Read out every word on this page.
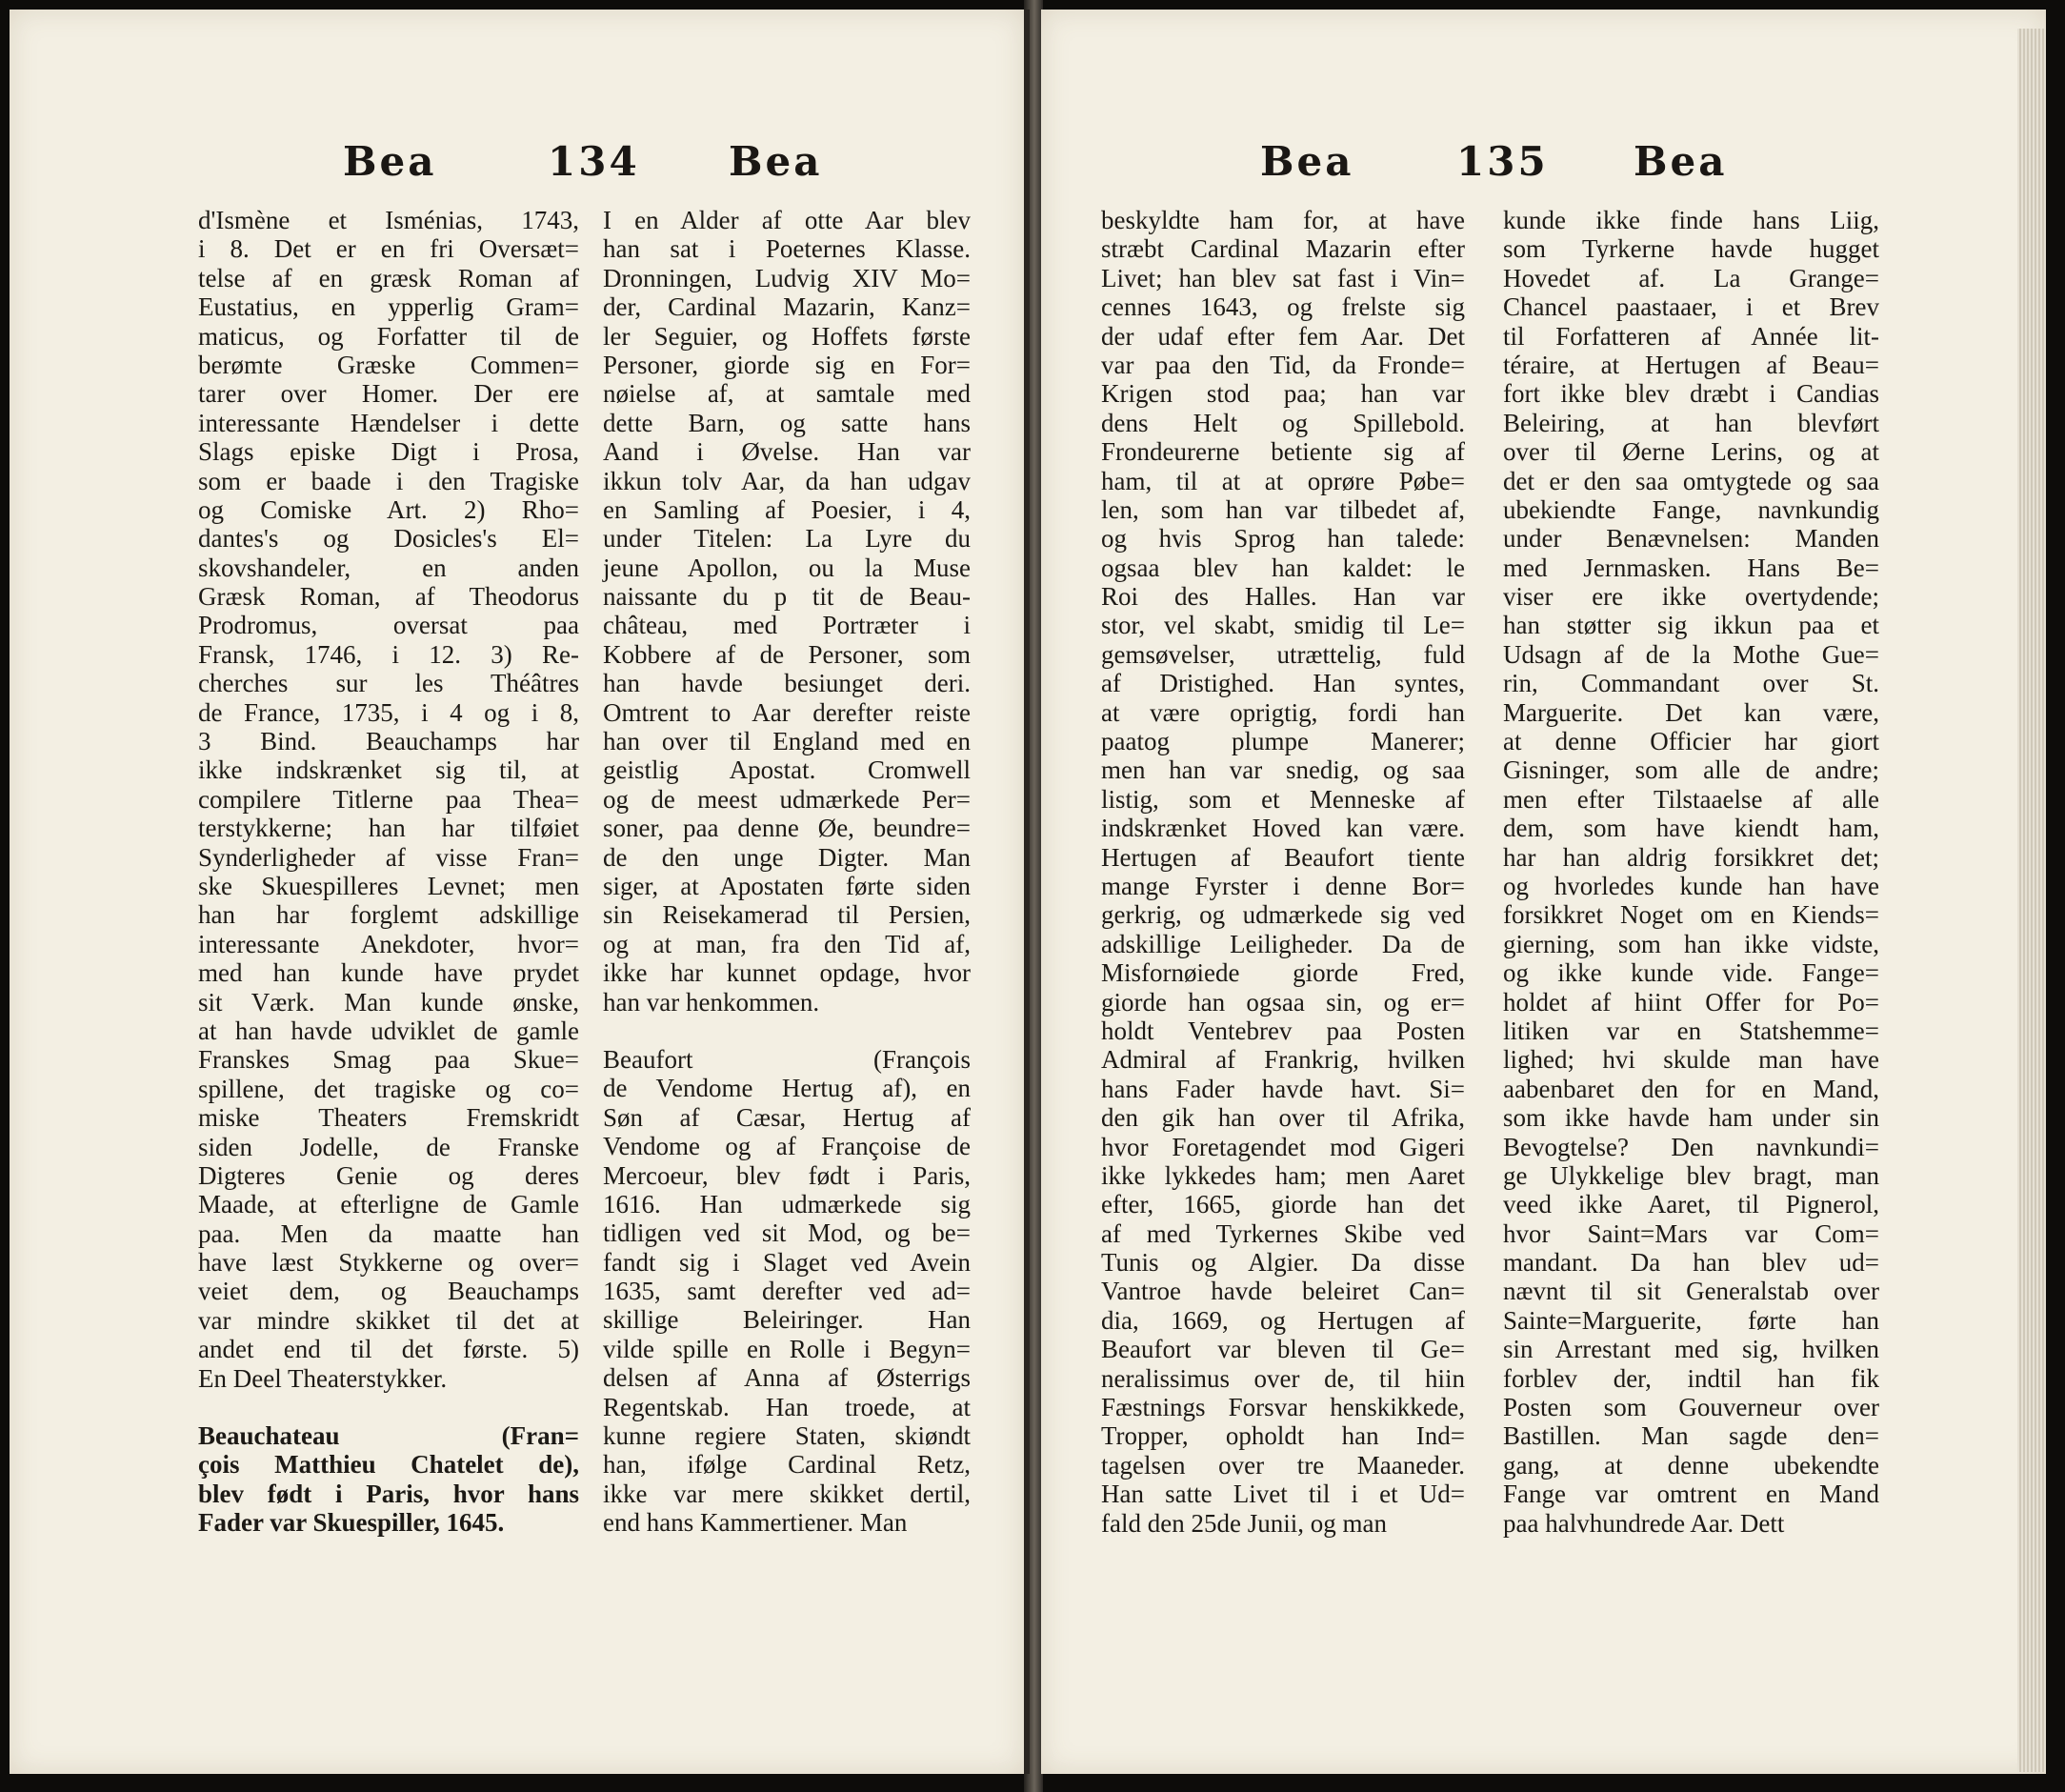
Bea	134 Bea
d'Ismène et Isménias, 1743,
i 8. Det er en fri Oversæt=
telse af en græsk Roman af
Eustatius, en ypperlig Gram=
maticus, og Forfatter til de
berømte Græske Commen=
tarer over Homer. Der ere
interessante Hændelser i dette
Slags episke Digt i Prosa,
som er baade i den Tragiske
og Comiske Art. 2) Rho=
dantes's og Dosicles's El=
skovshandeler, en anden
Græsk Roman, af Theodorus
Prodromus, oversat paa
Fransk, 1746, i 12. 3) Re-
cherches sur les Théâtres
de France, 1735, i 4 og i 8,
3 Bind. Beauchamps har
ikke indskrænket sig til, at
compilere Titlerne paa Thea=
terstykkerne; han har tilføiet
Synderligheder af visse Fran=
ske Skuespilleres Levnet; men
han har forglemt adskillige
interessante Anekdoter, hvor=
med han kunde have prydet
sit Værk. Man kunde ønske,
at han havde udviklet de gamle
Franskes Smag paa Skue=
spillene, det tragiske og co=
miske Theaters Fremskridt
siden Jodelle, de Franske
Digteres Genie og deres
Maade, at efterligne de Gamle
paa. Men da maatte han
have læst Stykkerne og over=
veiet dem, og Beauchamps
var mindre skikket til det at
andet end til det første. 5)
En Deel Theaterstykker.
Beauchateau (Fran=
çois Matthieu Chatelet de),
blev født i Paris, hvor hans
Fader var Skuespiller, 1645.
I en Alder af otte Aar blev
han sat i Poeternes Klasse.
Dronningen, Ludvig XIV Mo=
der, Cardinal Mazarin, Kanz=
ler Seguier, og Hoffets første
Personer, giorde sig en For=
nøielse af, at samtale med
dette Barn, og satte hans
Aand i Øvelse. Han var
ikkun tolv Aar, da han udgav
en Samling af Poesier, i 4,
under Titelen: La Lyre du
jeune Apollon, ou la Muse
naissante du p tit de Beau-
château, med Portræter i
Kobbere af de Personer, som
han havde besiunget deri.
Omtrent to Aar derefter reiste
han over til England med en
geistlig Apostat. Cromwell
og de meest udmærkede Per=
soner, paa denne Øe, beundre=
de den unge Digter. Man
siger, at Apostaten førte siden
sin Reisekamerad til Persien,
og at man, fra den Tid af,
ikke har kunnet opdage, hvor
han var henkommen.
Beaufort (François
de Vendome Hertug af), en
Søn af Cæsar, Hertug af
Vendome og af Françoise de
Mercoeur, blev født i Paris,
1616. Han udmærkede sig
tidligen ved sit Mod, og be=
fandt sig i Slaget ved Avein
1635, samt derefter ved ad=
skillige Beleiringer. Han
vilde spille en Rolle i Begyn=
delsen af Anna af Østerrigs
Regentskab. Han troede, at
kunne regiere Staten, skiøndt
han, ifølge Cardinal Retz,
ikke var mere skikket dertil,
end hans Kammertiener. Man
Bea	135 Bea
beskyldte ham for, at have
stræbt Cardinal Mazarin efter
Livet; han blev sat fast i Vin=
cennes 1643, og frelste sig
der udaf efter fem Aar. Det
var paa den Tid, da Fronde=
Krigen stod paa; han var
dens Helt og Spillebold.
Frondeurerne betiente sig af
ham, til at at oprøre Pøbe=
len, som han var tilbedet af,
og hvis Sprog han talede:
ogsaa blev han kaldet: le
Roi des Halles. Han var
stor, vel skabt, smidig til Le=
gemsøvelser, utrættelig, fuld
af Dristighed. Han syntes,
at være oprigtig, fordi han
paatog plumpe Manerer;
men han var snedig, og saa
listig, som et Menneske af
indskrænket Hoved kan være.
Hertugen af Beaufort tiente
mange Fyrster i denne Bor=
gerkrig, og udmærkede sig ved
adskillige Leiligheder. Da de
Misfornøiede giorde Fred,
giorde han ogsaa sin, og er=
holdt Ventebrev paa Posten
Admiral af Frankrig, hvilken
hans Fader havde havt. Si=
den gik han over til Afrika,
hvor Foretagendet mod Gigeri
ikke lykkedes ham; men Aaret
efter, 1665, giorde han det
af med Tyrkernes Skibe ved
Tunis og Algier. Da disse
Vantroe havde beleiret Can=
dia, 1669, og Hertugen af
Beaufort var bleven til Ge=
neralissimus over de, til hiin
Fæstnings Forsvar henskikkede,
Tropper, opholdt han Ind=
tagelsen over tre Maaneder.
Han satte Livet til i et Ud=
fald den 25de Junii, og man
kunde ikke finde hans Liig,
som Tyrkerne havde hugget
Hovedet af. La Grange=
Chancel paastaaer, i et Brev
til Forfatteren af Année lit-
téraire, at Hertugen af Beau=
fort ikke blev dræbt i Candias
Beleiring, at han blevført
over til Øerne Lerins, og at
det er den saa omtygtede og saa
ubekiendte Fange, navnkundig
under Benævnelsen: Manden
med Jernmasken. Hans Be=
viser ere ikke overtydende;
han støtter sig ikkun paa et
Udsagn af de la Mothe Gue=
rin, Commandant over St.
Marguerite. Det kan være,
at denne Officier har giort
Gisninger, som alle de andre;
men efter Tilstaaelse af alle
dem, som have kiendt ham,
har han aldrig forsikkret det;
og hvorledes kunde han have
forsikkret Noget om en Kiends=
gierning, som han ikke vidste,
og ikke kunde vide. Fange=
holdet af hiint Offer for Po=
litiken var en Statshemme=
lighed; hvi skulde man have
aabenbaret den for en Mand,
som ikke havde ham under sin
Bevogtelse? Den navnkundi=
ge Ulykkelige blev bragt, man
veed ikke Aaret, til Pignerol,
hvor Saint=Mars var Com=
mandant. Da han blev ud=
nævnt til sit Generalstab over
Sainte=Marguerite, førte han
sin Arrestant med sig, hvilken
forblev der, indtil han fik
Posten som Gouverneur over
Bastillen. Man sagde den=
gang, at denne ubekendte
Fange var omtrent en Mand
paa halvhundrede Aar. Dett
